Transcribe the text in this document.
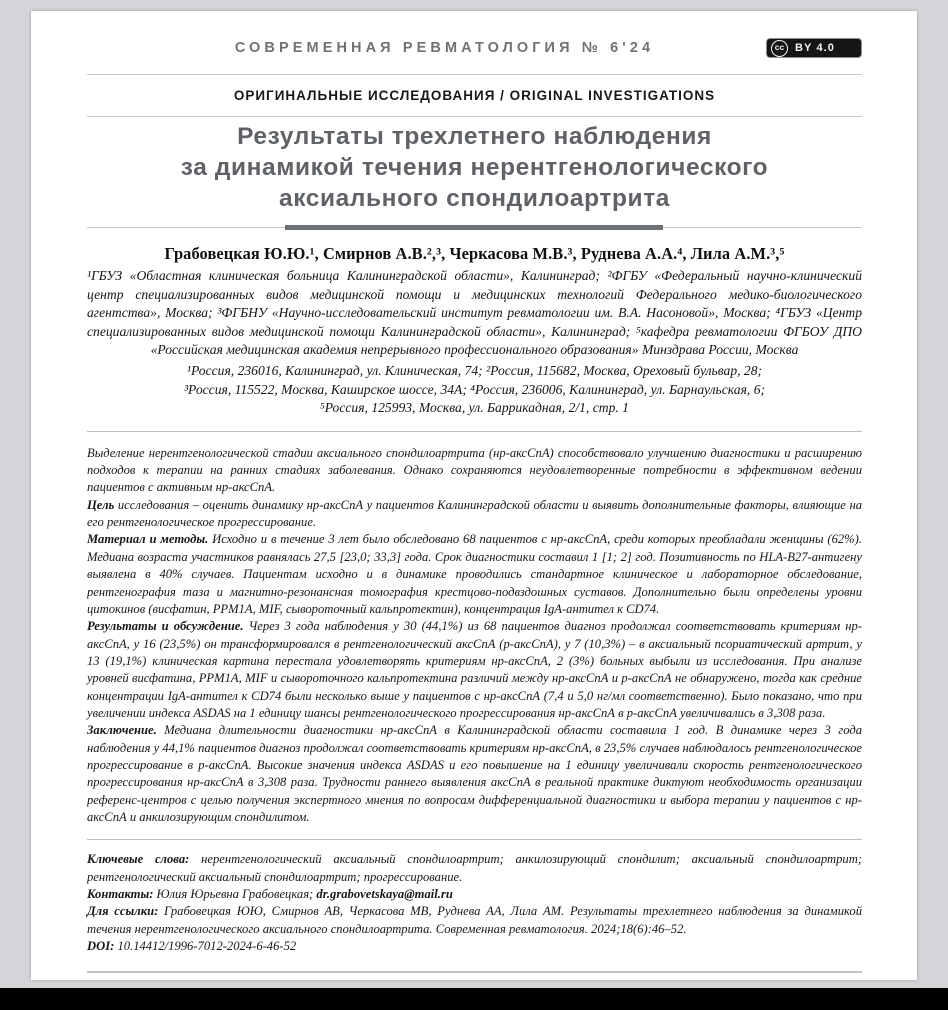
СОВРЕМЕННАЯ РЕВМАТОЛОГИЯ № 6'24	cc BY 4.0
ОРИГИНАЛЬНЫЕ ИССЛЕДОВАНИЯ / ORIGINAL INVESTIGATIONS
Результаты трехлетнего наблюдения
за динамикой течения нерентгенологического
аксиального спондилоартрита
Грабовецкая Ю.Ю.¹, Смирнов А.В.²,³, Черкасова М.В.³, Руднева А.А.⁴, Лила А.М.³,⁵
¹ГБУЗ «Областная клиническая больница Калининградской области», Калининград; ²ФГБУ «Федеральный научно-клинический центр специализированных видов медицинской помощи и медицинских технологий Федерального медико-биологического агентства», Москва; ³ФГБНУ «Научно-исследовательский институт ревматологии им. В.А. Насоновой», Москва; ⁴ГБУЗ «Центр специализированных видов медицинской помощи Калининградской области», Калининград; ⁵кафедра ревматологии ФГБОУ ДПО «Российская медицинская академия непрерывного профессионального образования» Минздрава России, Москва
¹Россия, 236016, Калининград, ул. Клиническая, 74; ²Россия, 115682, Москва, Ореховый бульвар, 28;
³Россия, 115522, Москва, Каширское шоссе, 34А; ⁴Россия, 236006, Калининград, ул. Барнаульская, 6;
⁵Россия, 125993, Москва, ул. Баррикадная, 2/1, стр. 1

Выделение нерентгенологической стадии аксиального спондилоартрита (нр-аксСпА) способствовало улучшению диагностики и расширению подходов к терапии на ранних стадиях заболевания. Однако сохраняются неудовлетворенные потребности в эффективном ведении пациентов с активным нр-аксСпА.

Цель исследования – оценить динамику нр-аксСпА у пациентов Калининградской области и выявить дополнительные факторы, влияющие на его рентгенологическое прогрессирование.

Материал и методы. Исходно и в течение 3 лет было обследовано 68 пациентов с нр-аксСпА, среди которых преобладали женщины (62%). Медиана возраста участников равнялась 27,5 [23,0; 33,3] года. Срок диагностики составил 1 [1; 2] год. Позитивность по HLA-B27-антигену выявлена в 40% случаев. Пациентам исходно и в динамике проводились стандартное клиническое и лабораторное обследование, рентгенография таза и магнитно-резонансная томография крестцово-подвздошных суставов. Дополнительно были определены уровни цитокинов (висфатин, PPM1A, MIF, сывороточный кальпротектин), концентрация IgA-антител к CD74.

Результаты и обсуждение. Через 3 года наблюдения у 30 (44,1%) из 68 пациентов диагноз продолжал соответствовать критериям нр-аксСпА, у 16 (23,5%) он трансформировался в рентгенологический аксСпА (р-аксСпА), у 7 (10,3%) – в аксиальный псориатический артрит, у 13 (19,1%) клиническая картина перестала удовлетворять критериям нр-аксСпА, 2 (3%) больных выбыли из исследования. При анализе уровней висфатина, PPM1A, MIF и сывороточного кальпротектина различий между нр-аксСпА и р-аксСпА не обнаружено, тогда как средние концентрации IgA-антител к CD74 были несколько выше у пациентов с нр-аксСпА (7,4 и 5,0 нг/мл соответственно). Было показано, что при увеличении индекса ASDAS на 1 единицу шансы рентгенологического прогрессирования нр-аксСпА в р-аксСпА увеличивались в 3,308 раза.

Заключение. Медиана длительности диагностики нр-аксСпА в Калининградской области составила 1 год. В динамике через 3 года наблюдения у 44,1% пациентов диагноз продолжал соответствовать критериям нр-аксСпА, в 23,5% случаев наблюдалось рентгенологическое прогрессирование в р-аксСпА. Высокие значения индекса ASDAS и его повышение на 1 единицу увеличивали скорость рентгенологического прогрессирования нр-аксСпА в 3,308 раза. Трудности раннего выявления аксСпА в реальной практике диктуют необходимость организации референс-центров с целью получения экспертного мнения по вопросам дифференциальной диагностики и выбора терапии у пациентов с нр-аксСпА и анкилозирующим спондилитом.

Ключевые слова: нерентгенологический аксиальный спондилоартрит; анкилозирующий спондилит; аксиальный спондилоартрит; рентгенологический аксиальный спондилоартрит; прогрессирование.

Контакты: Юлия Юрьевна Грабовецкая; dr.grabovetskaya@mail.ru

Для ссылки: Грабовецкая ЮЮ, Смирнов АВ, Черкасова МВ, Руднева АА, Лила АМ. Результаты трехлетнего наблюдения за динамикой течения нерентгенологического аксиального спондилоартрита. Современная ревматология. 2024;18(6):46–52.

DOI: 10.14412/1996-7012-2024-6-46-52
